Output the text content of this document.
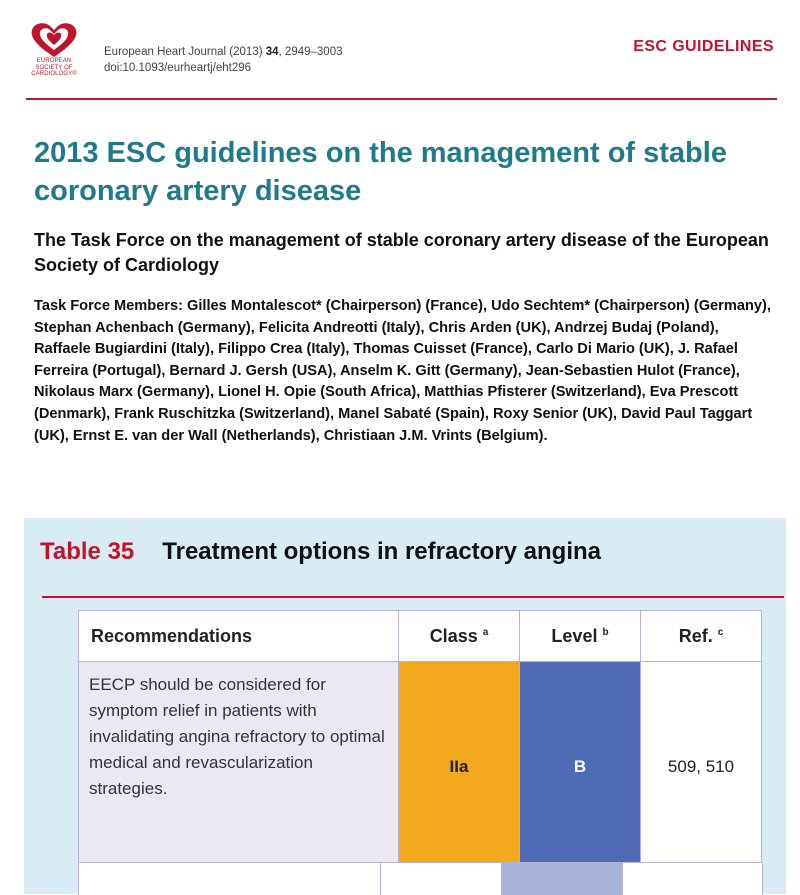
EUROPEAN SOCIETY OF CARDIOLOGY®
European Heart Journal (2013) 34, 2949–3003
doi:10.1093/eurheartj/eht296
ESC GUIDELINES
2013 ESC guidelines on the management of stable coronary artery disease
The Task Force on the management of stable coronary artery disease of the European Society of Cardiology
Task Force Members: Gilles Montalescot* (Chairperson) (France), Udo Sechtem* (Chairperson) (Germany), Stephan Achenbach (Germany), Felicita Andreotti (Italy), Chris Arden (UK), Andrzej Budaj (Poland), Raffaele Bugiardini (Italy), Filippo Crea (Italy), Thomas Cuisset (France), Carlo Di Mario (UK), J. Rafael Ferreira (Portugal), Bernard J. Gersh (USA), Anselm K. Gitt (Germany), Jean-Sebastien Hulot (France), Nikolaus Marx (Germany), Lionel H. Opie (South Africa), Matthias Pfisterer (Switzerland), Eva Prescott (Denmark), Frank Ruschitzka (Switzerland), Manel Sabaté (Spain), Roxy Senior (UK), David Paul Taggart (UK), Ernst E. van der Wall (Netherlands), Christiaan J.M. Vrints (Belgium).
Table 35 Treatment options in refractory angina
Recommendations	Class $^a$	Level $^b$	Ref. $^c$
EECP should be considered for symptom relief in patients with invalidating angina refractory to optimal medical and revascularization strategies.	IIa	B	509, 510
